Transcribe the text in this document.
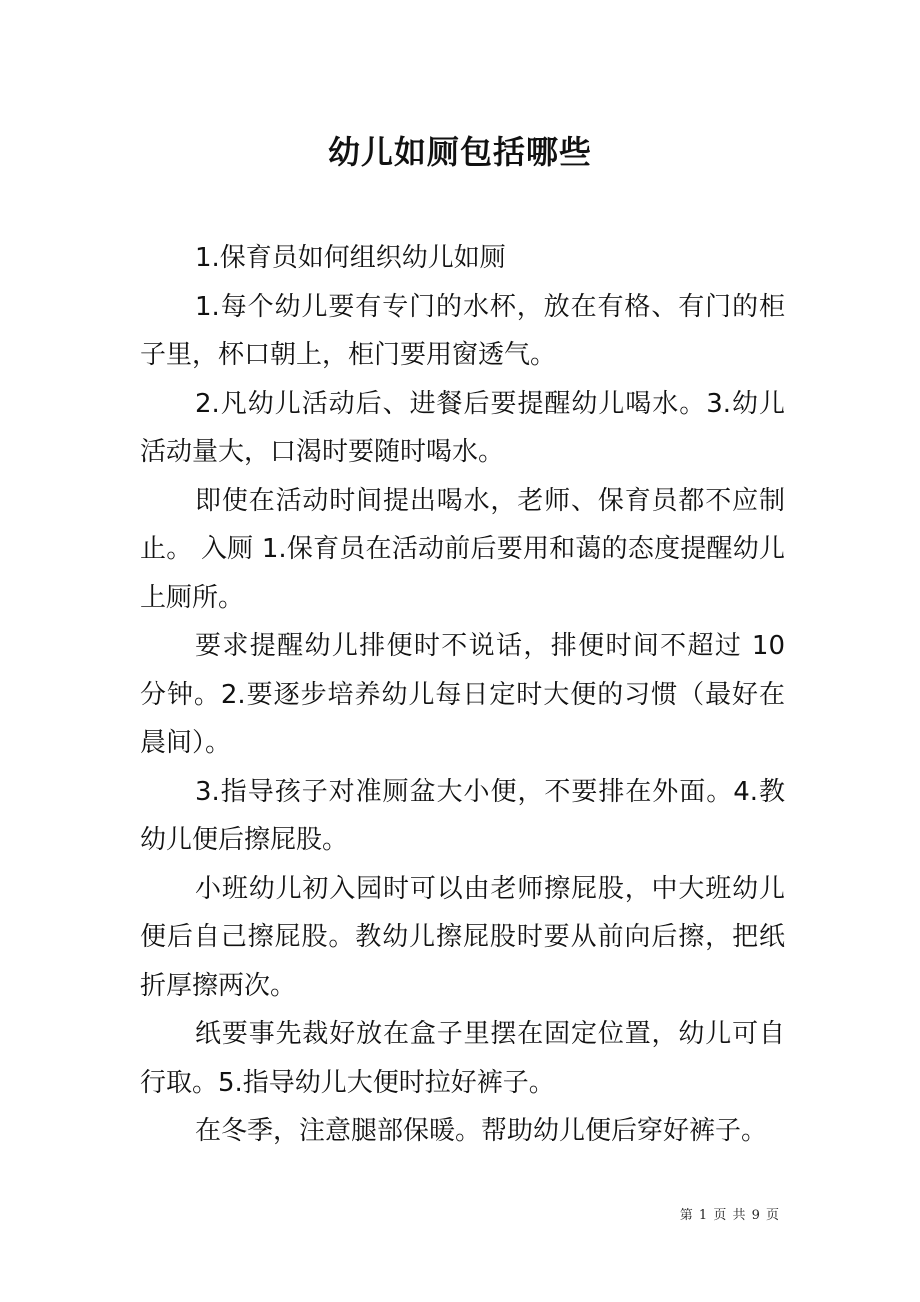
幼儿如厕包括哪些

1.保育员如何组织幼儿如厕

1.每个幼儿要有专门的水杯，放在有格、有门的柜子里，杯口朝上，柜门要用窗透气。

2.凡幼儿活动后、进餐后要提醒幼儿喝水。3.幼儿活动量大，口渴时要随时喝水。

即使在活动时间提出喝水，老师、保育员都不应制止。 入厕 1.保育员在活动前后要用和蔼的态度提醒幼儿上厕所。

要求提醒幼儿排便时不说话，排便时间不超过 10 分钟。2.要逐步培养幼儿每日定时大便的习惯（最好在晨间）。

3.指导孩子对准厕盆大小便，不要排在外面。4.教幼儿便后擦屁股。

小班幼儿初入园时可以由老师擦屁股，中大班幼儿便后自己擦屁股。教幼儿擦屁股时要从前向后擦，把纸折厚擦两次。

纸要事先裁好放在盒子里摆在固定位置，幼儿可自行取。5.指导幼儿大便时拉好裤子。

在冬季，注意腿部保暖。帮助幼儿便后穿好裤子。

第 1 页 共 9 页
